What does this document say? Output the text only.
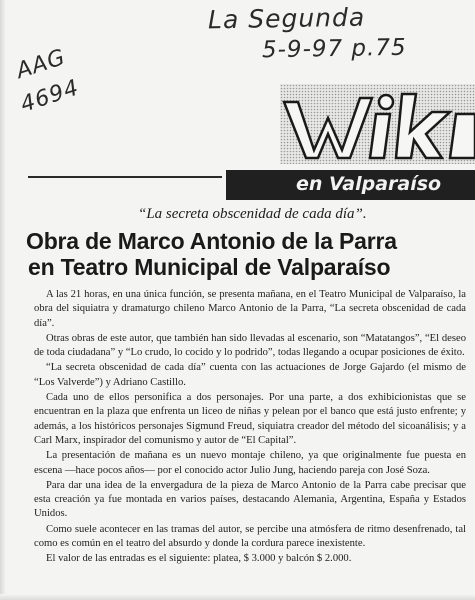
La Segunda
5-9-97 p.75
AAG
4694
en Valparaíso
“La secreta obscenidad de cada día”.
Obra de Marco Antonio de la Parra
en Teatro Municipal de Valparaíso

A las 21 horas, en una única función, se presenta mañana, en el Teatro Municipal de Valparaíso, la obra del siquiatra y dramaturgo chileno Marco Antonio de la Parra, “La secreta obscenidad de cada día”.

Otras obras de este autor, que también han sido llevadas al escenario, son “Matatangos”, “El deseo de toda ciudadana” y “Lo crudo, lo cocido y lo podrido”, todas llegando a ocupar posiciones de éxito.

“La secreta obscenidad de cada día” cuenta con las actuaciones de Jorge Gajardo (el mismo de “Los Valverde”) y Adriano Castillo.

Cada uno de ellos personifica a dos personajes. Por una parte, a dos exhibicionistas que se encuentran en la plaza que enfrenta un liceo de niñas y pelean por el banco que está justo enfrente; y además, a los históricos personajes Sigmund Freud, siquiatra creador del método del sicoanálisis; y a Carl Marx, inspirador del comunismo y autor de “El Capital”.

La presentación de mañana es un nuevo montaje chileno, ya que originalmente fue puesta en escena —hace pocos años— por el conocido actor Julio Jung, haciendo pareja con José Soza.

Para dar una idea de la envergadura de la pieza de Marco Antonio de la Parra cabe precisar que esta creación ya fue montada en varios países, destacando Alemania, Argentina, España y Estados Unidos.

Como suele acontecer en las tramas del autor, se percibe una atmósfera de ritmo desenfrenado, tal como es común en el teatro del absurdo y donde la cordura parece inexistente.

El valor de las entradas es el siguiente: platea, $ 3.000 y balcón $ 2.000.
